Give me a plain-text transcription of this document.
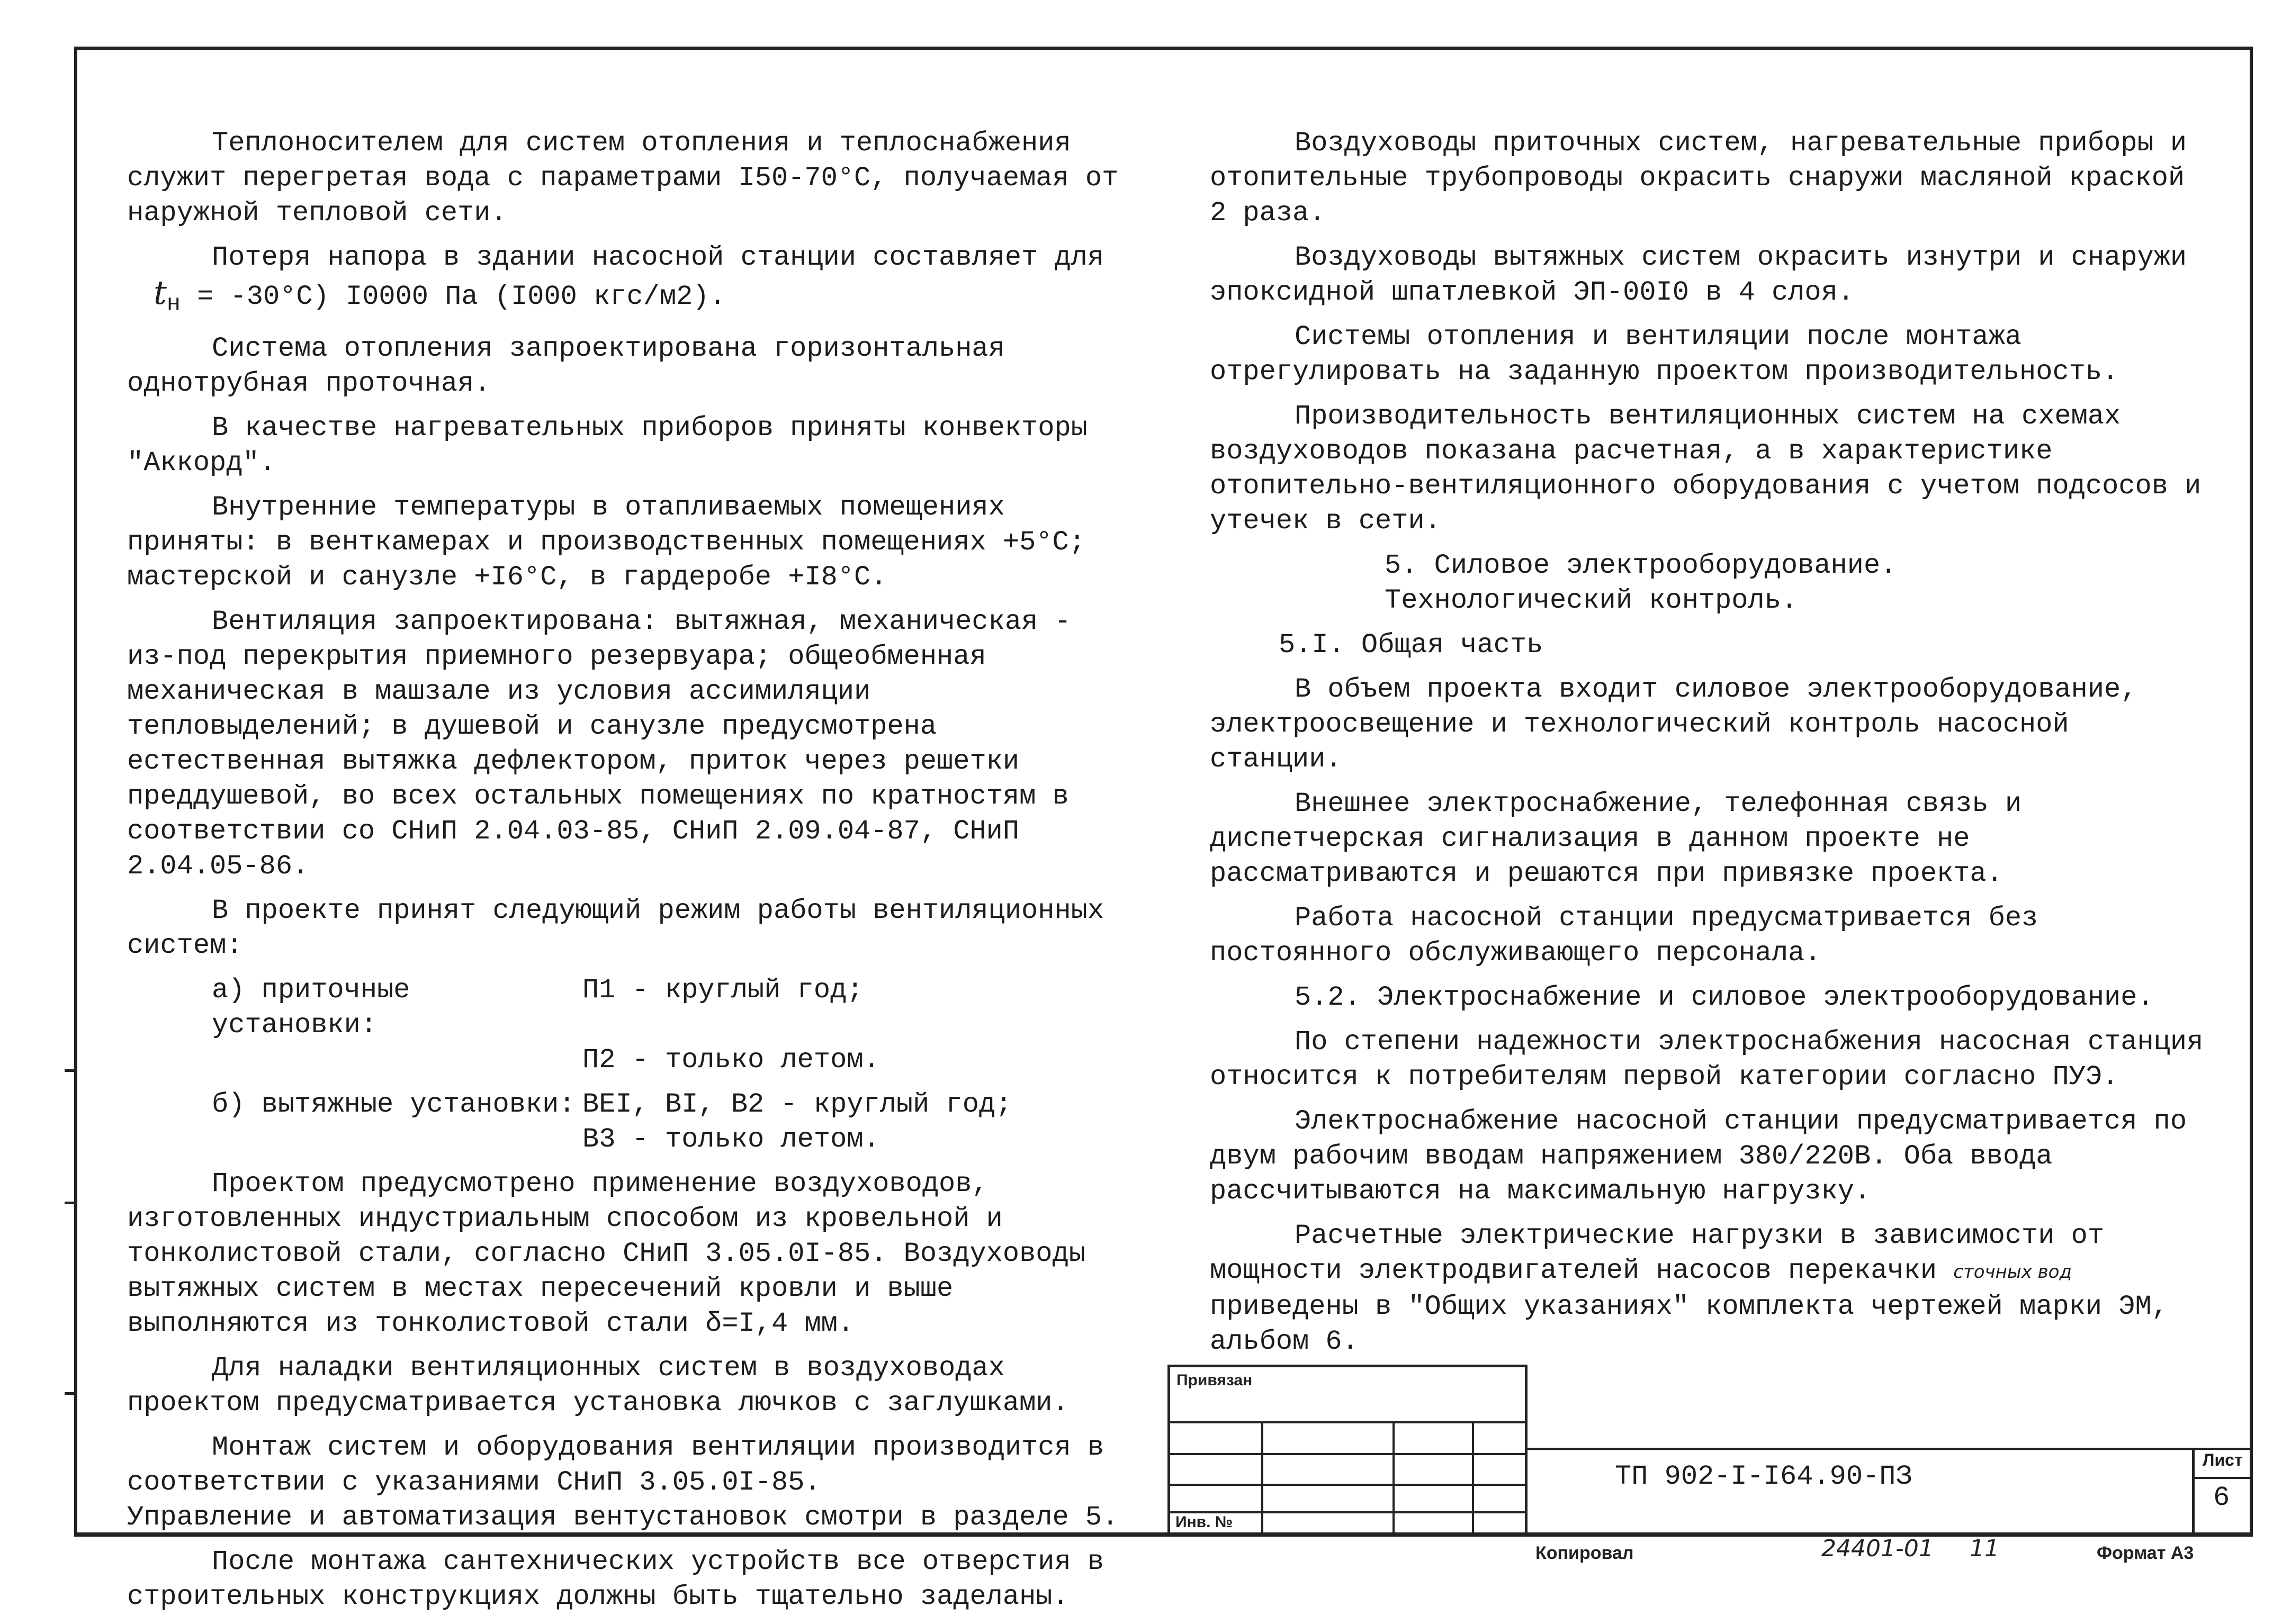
Теплоносителем для систем отопления и теплоснабжения служит перегретая вода с параметрами I50-70°С, получаемая от наружной тепловой сети.

Потеря напора в здании насосной станции составляет для
$t_н = -30^\circ С$) I0000 Па (I000 кгс/м2).

Система отопления запроектирована горизонтальная однотрубная проточная.

В качестве нагревательных приборов приняты конвекторы "Аккорд".

Внутренние температуры в отапливаемых помещениях приняты: в венткамерах и производственных помещениях +5°С; мастерской и санузле +I6°С, в гардеробе +I8°С.

Вентиляция запроектирована: вытяжная, механическая - из-под перекрытия приемного резервуара; общеобменная механическая в машзале из условия ассимиляции тепловыделений; в душевой и санузле предусмотрена естественная вытяжка дефлектором, приток через решетки преддушевой, во всех остальных помещениях по кратностям в соответствии со СНиП 2.04.03-85, СНиП 2.09.04-87, СНиП 2.04.05-86.

В проекте принят следующий режим работы вентиляционных систем:

а) приточные установки:
П1 - круглый год;
П2 - только летом.
б) вытяжные установки: ВЕI, ВI, В2 - круглый год;
В3 - только летом.

Проектом предусмотрено применение воздуховодов, изготовленных индустриальным способом из кровельной и тонколистовой стали, согласно СНиП 3.05.0I-85. Воздуховоды вытяжных систем в местах пересечений кровли и выше выполняются из тонколистовой стали δ=I,4 мм.

Для наладки вентиляционных систем в воздуховодах проектом предусматривается установка лючков с заглушками.

Монтаж систем и оборудования вентиляции производится в соответствии с указаниями СНиП 3.05.0I-85.

Управление и автоматизация вентустановок смотри в разделе 5.

После монтажа сантехнических устройств все отверстия в строительных конструкциях должны быть тщательно заделаны.

Воздуховоды приточных систем, нагревательные приборы и отопительные трубопроводы окрасить снаружи масляной краской 2 раза.

Воздуховоды вытяжных систем окрасить изнутри и снаружи эпоксидной шпатлевкой ЭП-00I0 в 4 слоя.

Системы отопления и вентиляции после монтажа отрегулировать на заданную проектом производительность.

Производительность вентиляционных систем на схемах воздуховодов показана расчетная, а в характеристике отопительно-вентиляционного оборудования с учетом подсосов и утечек в сети.

5. Силовое электрооборудование.

Технологический контроль.

5.I. Общая часть

В объем проекта входит силовое электрооборудование, электроосвещение и технологический контроль насосной станции.

Внешнее электроснабжение, телефонная связь и диспетчерская сигнализация в данном проекте не рассматриваются и решаются при привязке проекта.

Работа насосной станции предусматривается без постоянного обслуживающего персонала.

5.2. Электроснабжение и силовое электрооборудование.

По степени надежности электроснабжения насосная станция относится к потребителям первой категории согласно ПУЭ.

Электроснабжение насосной станции предусматривается по двум рабочим вводам напряжением 380/220В. Оба ввода рассчитываются на максимальную нагрузку.

Расчетные электрические нагрузки в зависимости от мощности электродвигателей насосов перекачки сточных вод приведены в "Общих указаниях" комплекта чертежей марки ЭМ, альбом 6.

Привязан
Инв. №
ТП 902-I-I64.90-ПЗ
Лист
6
Копировал	24401-01 11	Формат А3
